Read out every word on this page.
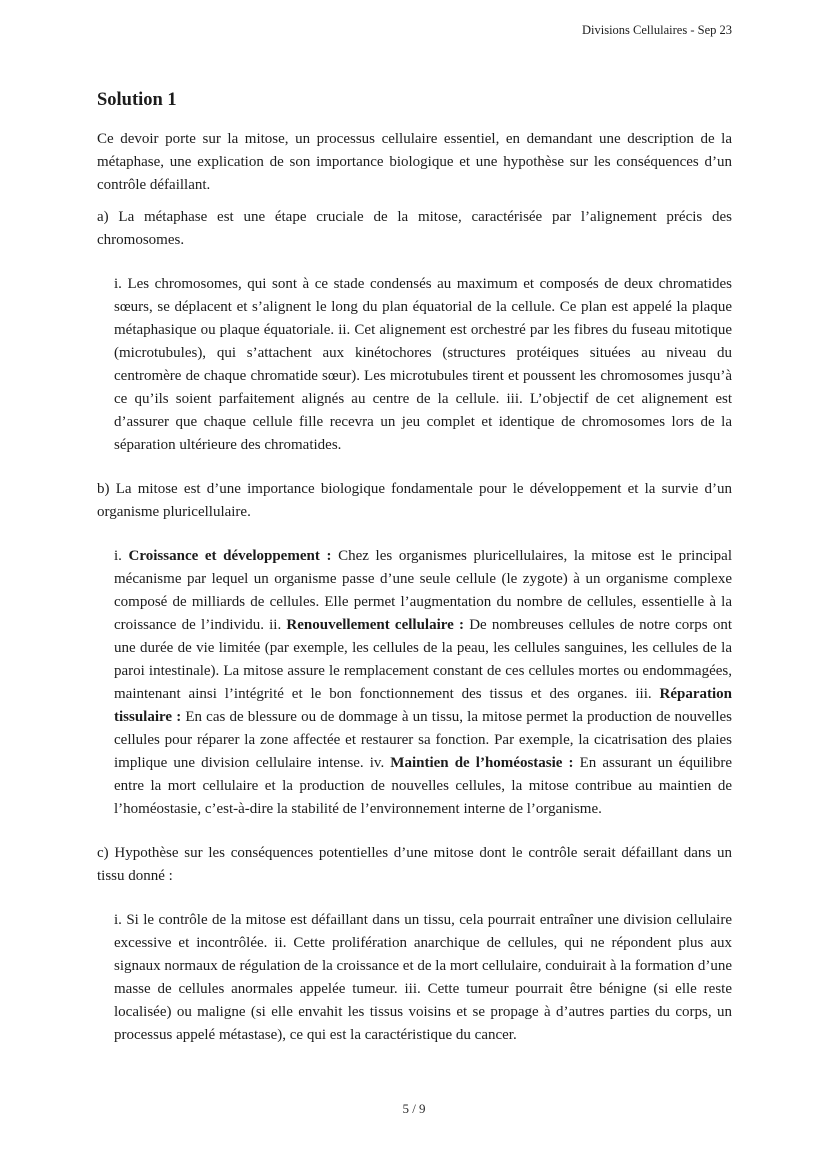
Divisions Cellulaires - Sep 23
Solution 1

Ce devoir porte sur la mitose, un processus cellulaire essentiel, en demandant une description de la métaphase, une explication de son importance biologique et une hypothèse sur les conséquences d’un contrôle défaillant.

a) La métaphase est une étape cruciale de la mitose, caractérisée par l’alignement précis des chromosomes.

i. Les chromosomes, qui sont à ce stade condensés au maximum et composés de deux chromatides sœurs, se déplacent et s’alignent le long du plan équatorial de la cellule. Ce plan est appelé la plaque métaphasique ou plaque équatoriale. ii. Cet alignement est orchestré par les fibres du fuseau mitotique (microtubules), qui s’attachent aux kinétochores (structures protéiques situées au niveau du centromère de chaque chromatide sœur). Les microtubules tirent et poussent les chromosomes jusqu’à ce qu’ils soient parfaitement alignés au centre de la cellule. iii. L’objectif de cet alignement est d’assurer que chaque cellule fille recevra un jeu complet et identique de chromosomes lors de la séparation ultérieure des chromatides.

b) La mitose est d’une importance biologique fondamentale pour le développement et la survie d’un organisme pluricellulaire.

i. Croissance et développement : Chez les organismes pluricellulaires, la mitose est le principal mécanisme par lequel un organisme passe d’une seule cellule (le zygote) à un organisme complexe composé de milliards de cellules. Elle permet l’augmentation du nombre de cellules, essentielle à la croissance de l’individu. ii. Renouvellement cellulaire : De nombreuses cellules de notre corps ont une durée de vie limitée (par exemple, les cellules de la peau, les cellules sanguines, les cellules de la paroi intestinale). La mitose assure le remplacement constant de ces cellules mortes ou endommagées, maintenant ainsi l’intégrité et le bon fonctionnement des tissus et des organes. iii. Réparation tissulaire : En cas de blessure ou de dommage à un tissu, la mitose permet la production de nouvelles cellules pour réparer la zone affectée et restaurer sa fonction. Par exemple, la cicatrisation des plaies implique une division cellulaire intense. iv. Maintien de l’homéostasie : En assurant un équilibre entre la mort cellulaire et la production de nouvelles cellules, la mitose contribue au maintien de l’homéostasie, c’est-à-dire la stabilité de l’environnement interne de l’organisme.

c) Hypothèse sur les conséquences potentielles d’une mitose dont le contrôle serait défaillant dans un tissu donné :

i. Si le contrôle de la mitose est défaillant dans un tissu, cela pourrait entraîner une division cellulaire excessive et incontrôlée. ii. Cette prolifération anarchique de cellules, qui ne répondent plus aux signaux normaux de régulation de la croissance et de la mort cellulaire, conduirait à la formation d’une masse de cellules anormales appelée tumeur. iii. Cette tumeur pourrait être bénigne (si elle reste localisée) ou maligne (si elle envahit les tissus voisins et se propage à d’autres parties du corps, un processus appelé métastase), ce qui est la caractéristique du cancer.
5 / 9
